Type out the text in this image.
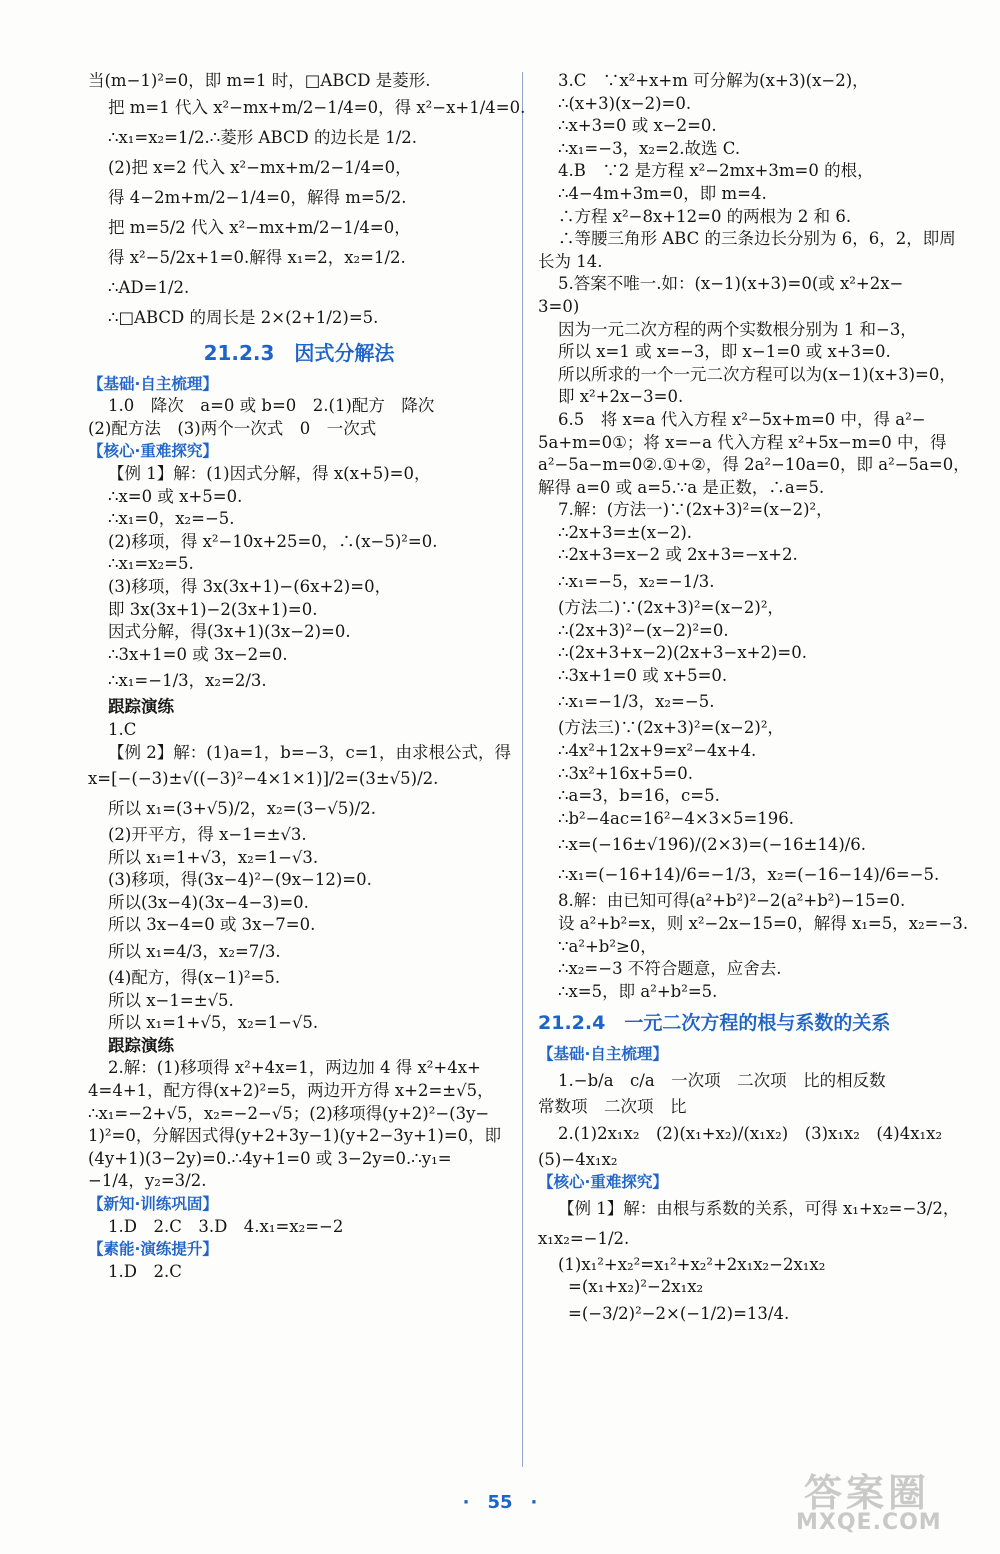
当(m−1)²=0，即 m=1 时，□ABCD 是菱形.
把 m=1 代入 x²−mx+m/2−1/4=0，得 x²−x+1/4=0.
∴x₁=x₂=1/2.∴菱形 ABCD 的边长是 1/2.
(2)把 x=2 代入 x²−mx+m/2−1/4=0，
得 4−2m+m/2−1/4=0，解得 m=5/2.
把 m=5/2 代入 x²−mx+m/2−1/4=0，
得 x²−5/2x+1=0.解得 x₁=2，x₂=1/2.
∴AD=1/2.
∴□ABCD 的周长是 2×(2+1/2)=5.
21.2.3　因式分解法
【基础·自主梳理】
1.0　降次　a=0 或 b=0　2.(1)配方　降次
(2)配方法　(3)两个一次式　0　一次式
【核心·重难探究】
【例 1】解：(1)因式分解，得 x(x+5)=0，
∴x=0 或 x+5=0.
∴x₁=0，x₂=−5.
(2)移项，得 x²−10x+25=0，∴(x−5)²=0.
∴x₁=x₂=5.
(3)移项，得 3x(3x+1)−(6x+2)=0，
即 3x(3x+1)−2(3x+1)=0.
因式分解，得(3x+1)(3x−2)=0.
∴3x+1=0 或 3x−2=0.
∴x₁=−1/3，x₂=2/3.
跟踪演练
1.C
【例 2】解：(1)a=1，b=−3，c=1，由求根公式，得
x=[−(−3)±√((−3)²−4×1×1)]/2=(3±√5)/2.
所以 x₁=(3+√5)/2，x₂=(3−√5)/2.
(2)开平方，得 x−1=±√3.
所以 x₁=1+√3，x₂=1−√3.
(3)移项，得(3x−4)²−(9x−12)=0.
所以(3x−4)(3x−4−3)=0.
所以 3x−4=0 或 3x−7=0.
所以 x₁=4/3，x₂=7/3.
(4)配方，得(x−1)²=5.
所以 x−1=±√5.
所以 x₁=1+√5，x₂=1−√5.
跟踪演练
2.解：(1)移项得 x²+4x=1，两边加 4 得 x²+4x+
4=4+1，配方得(x+2)²=5，两边开方得 x+2=±√5，
∴x₁=−2+√5，x₂=−2−√5；(2)移项得(y+2)²−(3y−
1)²=0，分解因式得(y+2+3y−1)(y+2−3y+1)=0，即
(4y+1)(3−2y)=0.∴4y+1=0 或 3−2y=0.∴y₁=
−1/4，y₂=3/2.
【新知·训练巩固】
1.D　2.C　3.D　4.x₁=x₂=−2
【素能·演练提升】
1.D　2.C
3.C　∵x²+x+m 可分解为(x+3)(x−2)，
∴(x+3)(x−2)=0.
∴x+3=0 或 x−2=0.
∴x₁=−3，x₂=2.故选 C.
4.B　∵2 是方程 x²−2mx+3m=0 的根，
∴4−4m+3m=0，即 m=4.
∴方程 x²−8x+12=0 的两根为 2 和 6.
∴等腰三角形 ABC 的三条边长分别为 6，6，2，即周
长为 14.
5.答案不唯一.如：(x−1)(x+3)=0(或 x²+2x−
3=0)
因为一元二次方程的两个实数根分别为 1 和−3，
所以 x=1 或 x=−3，即 x−1=0 或 x+3=0.
所以所求的一个一元二次方程可以为(x−1)(x+3)=0，
即 x²+2x−3=0.
6.5　将 x=a 代入方程 x²−5x+m=0 中，得 a²−
5a+m=0①；将 x=−a 代入方程 x²+5x−m=0 中，得
a²−5a−m=0②.①+②，得 2a²−10a=0，即 a²−5a=0，
解得 a=0 或 a=5.∵a 是正数，∴a=5.
7.解：(方法一)∵(2x+3)²=(x−2)²，
∴2x+3=±(x−2).
∴2x+3=x−2 或 2x+3=−x+2.
∴x₁=−5，x₂=−1/3.
(方法二)∵(2x+3)²=(x−2)²，
∴(2x+3)²−(x−2)²=0.
∴(2x+3+x−2)(2x+3−x+2)=0.
∴3x+1=0 或 x+5=0.
∴x₁=−1/3，x₂=−5.
(方法三)∵(2x+3)²=(x−2)²，
∴4x²+12x+9=x²−4x+4.
∴3x²+16x+5=0.
∴a=3，b=16，c=5.
∴b²−4ac=16²−4×3×5=196.
∴x=(−16±√196)/(2×3)=(−16±14)/6.
∴x₁=(−16+14)/6=−1/3，x₂=(−16−14)/6=−5.
8.解：由已知可得(a²+b²)²−2(a²+b²)−15=0.
设 a²+b²=x，则 x²−2x−15=0，解得 x₁=5，x₂=−3.
∵a²+b²≥0，
∴x₂=−3 不符合题意，应舍去.
∴x=5，即 a²+b²=5.
21.2.4　一元二次方程的根与系数的关系
【基础·自主梳理】
1.−b/a　c/a　一次项　二次项　比的相反数
常数项　二次项　比
2.(1)2x₁x₂　(2)(x₁+x₂)/(x₁x₂)　(3)x₁x₂　(4)4x₁x₂
(5)−4x₁x₂
【核心·重难探究】
【例 1】解：由根与系数的关系，可得 x₁+x₂=−3/2，
x₁x₂=−1/2.
(1)x₁²+x₂²=x₁²+x₂²+2x₁x₂−2x₁x₂
=(x₁+x₂)²−2x₁x₂
=(−3/2)²−2×(−1/2)=13/4.
·　55　·	答案圈
MXQE.COM
